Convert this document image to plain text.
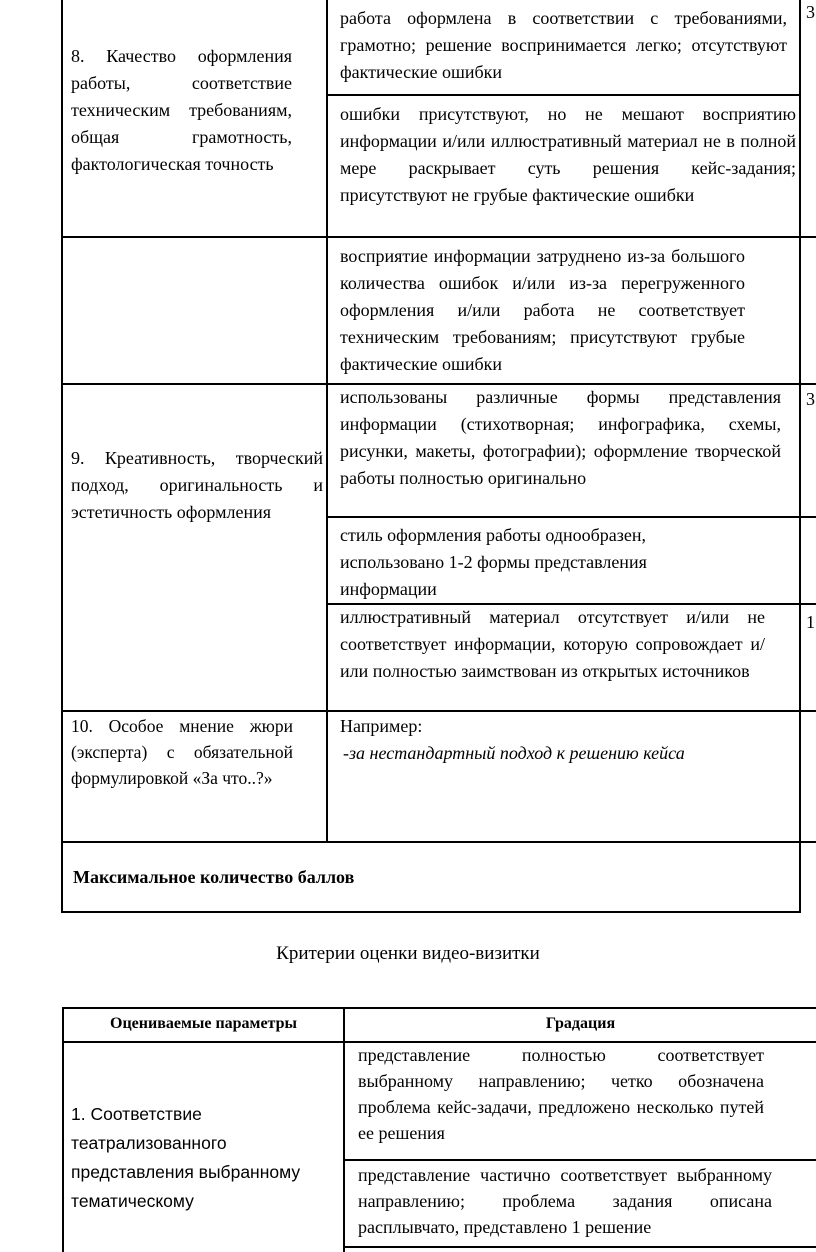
8. Качество оформления работы, соответствие техническим требованиям, общая грамотность, фактологическая точность

работа оформлена в соответствии с требованиями, грамотно; решение воспринимается легко; отсутствуют фактические ошибки

3

ошибки присутствуют, но не мешают восприятию информации и/или иллюстративный материал не в полной мере раскрывает суть решения кейс-задания; присутствуют не грубые фактические ошибки

восприятие информации затруднено из-за большого количества ошибок и/или из-за перегруженного оформления и/или работа не соответствует техническим требованиям; присутствуют грубые фактические ошибки

9. Креативность, творческий подход, оригинальность и эстетичность оформления

использованы различные формы представления информации (стихотворная; инфографика, схемы, рисунки, макеты, фотографии); оформление творческой работы полностью оригинально

3

стиль оформления работы однообразен, использовано 1-2 формы представления информации

иллюстративный материал отсутствует и/или не соответствует информации, которую сопровождает и/или полностью заимствован из открытых источников

1

10. Особое мнение жюри (эксперта) с обязательной формулировкой «За что..?»

Например:

-за нестандартный подход к решению кейса

Максимальное количество баллов

Критерии оценки видео-визитки
Оцениваемые параметры	Градация

1. Соответствие театрализованного представления выбранному тематическому

представление полностью соответствует выбранному направлению; четко обозначена проблема кейс-задачи, предложено несколько путей ее решения

представление частично соответствует выбранному направлению; проблема задания описана расплывчато, представлено 1 решение
